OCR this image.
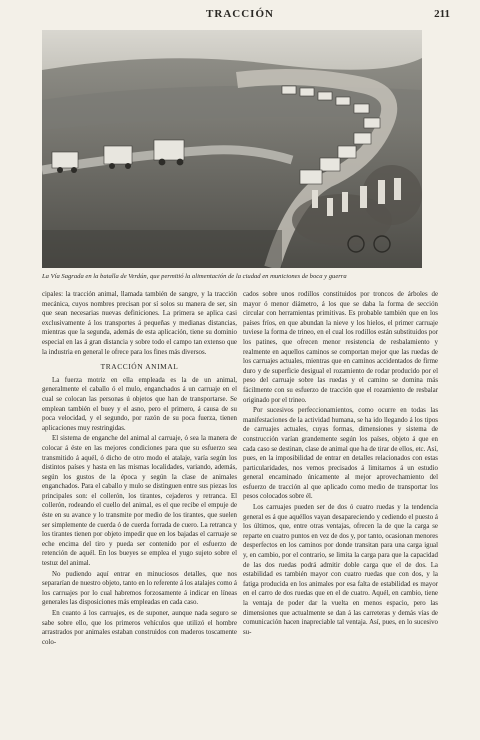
TRACCIÓN	211
La Vía Sagrada en la batalla de Verdún, que permitió la alimentación de la ciudad en municiones de boca y guerra

cipales: la tracción animal, llamada también de sangre, y la tracción mecánica, cuyos nombres precisan por sí solos su manera de ser, sin que sean necesarias nuevas definiciones. La primera se aplica casi exclusivamente á los transportes á pequeñas y medianas distancias, mientras que la segunda, además de esta aplicación, tiene su dominio especial en las á gran distancia y sobre todo el campo tan extenso que la industria en general le ofrece para los fines más diversos.

TRACCIÓN ANIMAL

La fuerza motriz en ella empleada es la de un animal, generalmente el caballo ó el mulo, enganchados á un carruaje en el cual se colocan las personas ú objetos que han de transportarse. Se emplean también el buey y el asno, pero el primero, á causa de su poca velocidad, y el segundo, por razón de su poca fuerza, tienen aplicaciones muy restringidas.

El sistema de enganche del animal al carruaje, ó sea la manera de colocar á éste en las mejores condiciones para que su esfuerzo sea transmitido á aquél, ó dicho de otro modo el atalaje, varía según los distintos países y hasta en las mismas localidades, variando, además, según los gustos de la época y según la clase de animales enganchados. Para el caballo y mulo se distinguen entre sus piezas los principales son: el collerón, los tirantes, cejaderos y retranca. El collerón, rodeando el cuello del animal, es el que recibe el empuje de éste en su avance y lo transmite por medio de los tirantes, que suelen ser simplemente de cuerda ó de cuerda forrada de cuero. La retranca y los tirantes tienen por objeto impedir que en los bajadas el carruaje se eche encima del tiro y pueda ser contenido por el esfuerzo de retención de aquél. En los bueyes se emplea el yugo sujeto sobre el testuz del animal.

No pudiendo aquí entrar en minuciosos detalles, que nos separarían de nuestro objeto, tanto en lo referente á los atalajes como á los carruajes por lo cual habremos forzosamente á indicar en líneas generales las disposiciones más empleadas en cada caso.

En cuanto á los carruajes, es de suponer, aunque nada seguro se sabe sobre ello, que los primeros vehículos que utilizó el hombre arrastrados por animales estaban construidos con maderos toscamente colo-

cados sobre unos rodillos constituidos por troncos de árboles de mayor ó menor diámetro, á los que se daba la forma de sección circular con herramientas primitivas. Es probable también que en los países fríos, en que abundan la nieve y los hielos, el primer carruaje tuviese la forma de trineo, en el cual los rodillos están substituidos por los patines, que ofrecen menor resistencia de resbalamiento y realmente en aquellos caminos se comportan mejor que las ruedas de los carruajes actuales, mientras que en caminos accidentados de firme duro y de superficie desigual el rozamiento de rodar producido por el peso del carruaje sobre las ruedas y el camino se domina más fácilmente con su esfuerzo de tracción que el rozamiento de resbalar originado por el trineo.

Por sucesivos perfeccionamientos, como ocurre en todas las manifestaciones de la actividad humana, se ha ido llegando á los tipos de carruajes actuales, cuyas formas, dimensiones y sistema de construcción varían grandemente según los países, objeto á que en cada caso se destinan, clase de animal que ha de tirar de ellos, etc. Así, pues, en la imposibilidad de entrar en detalles relacionados con estas particularidades, nos vemos precisados á limitarnos á un estudio general encaminado únicamente al mejor aprovechamiento del esfuerzo de tracción al que aplicado como medio de transportar los pesos colocados sobre él.

Los carruajes pueden ser de dos ó cuatro ruedas y la tendencia general es á que aquéllos vayan desapareciendo y cediendo el puesto á los últimos, que, entre otras ventajas, ofrecen la de que la carga se reparte en cuatro puntos en vez de dos y, por tanto, ocasionan menores desperfectos en los caminos por donde transitan para una carga igual y, en cambio, por el contrario, se limita la carga para que la capacidad de las dos ruedas podrá admitir doble carga que el de dos. La estabilidad es también mayor con cuatro ruedas que con dos, y la fatiga producida en los animales por esa falta de estabilidad es mayor en el carro de dos ruedas que en el de cuatro. Aquél, en cambio, tiene la ventaja de poder dar la vuelta en menos espacio, pero las dimensiones que actualmente se dan á las carreteras y demás vías de comunicación hacen inapreciable tal ventaja. Así, pues, en lo sucesivo su-
